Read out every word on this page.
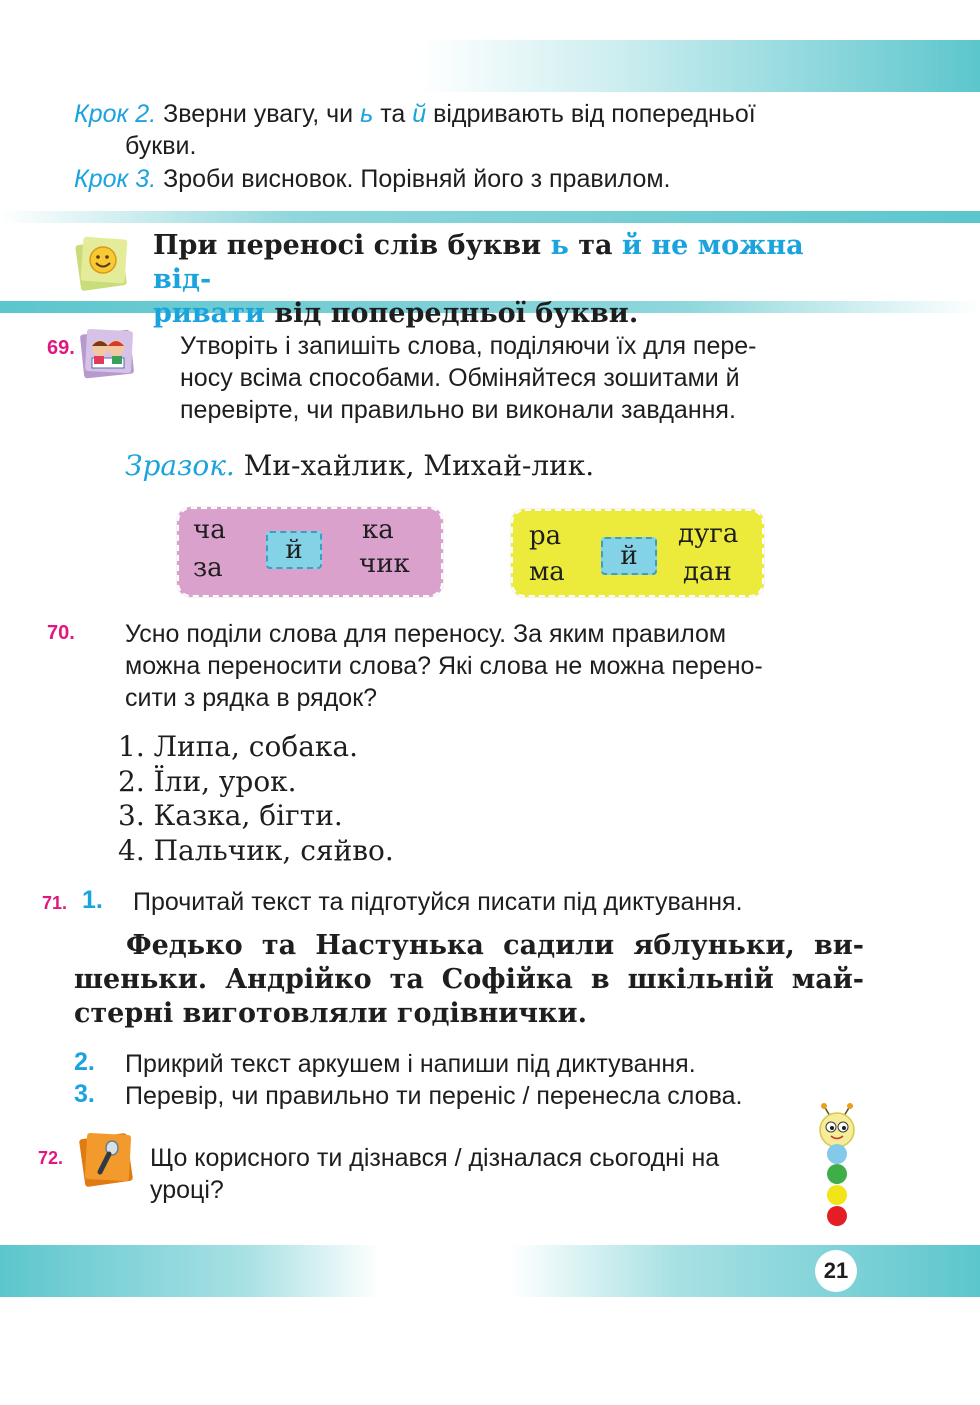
Крок 2. Зверни увагу, чи ь та й відривають від попередньої
букви.
Крок 3. Зроби висновок. Порівняй його з правилом.
При переносі слів букви ь та й не можна від-
ривати від попередньої букви.
69.	Утворіть і запишіть слова, поділяючи їх для пере-
носу всіма способами. Обміняйтеся зошитами й
перевірте, чи правильно ви виконали завдання.
Зразок. Ми-хайлик, Михай-лик.
ча
за
й
ка
чик
ра
ма
й
дуга
дан
70. Усно поділи слова для переносу. За яким правилом
можна переносити слова? Які слова не можна перено-
сити з рядка в рядок?
1. Липа, собака.
2. Їли, урок.
3. Казка, бігти.
4. Пальчик, сяйво.
71. 1. Прочитай текст та підготуйся писати під диктування.
Федько та Настунька садили яблуньки, ви-
шеньки. Андрійко та Софійка в шкільній май-
стерні виготовляли годівнички.
2. Прикрий текст аркушем і напиши під диктування.
3. Перевір, чи правильно ти переніс / перенесла слова.
72.	Що корисного ти дізнався / дізналася сьогодні на
уроці?
21
